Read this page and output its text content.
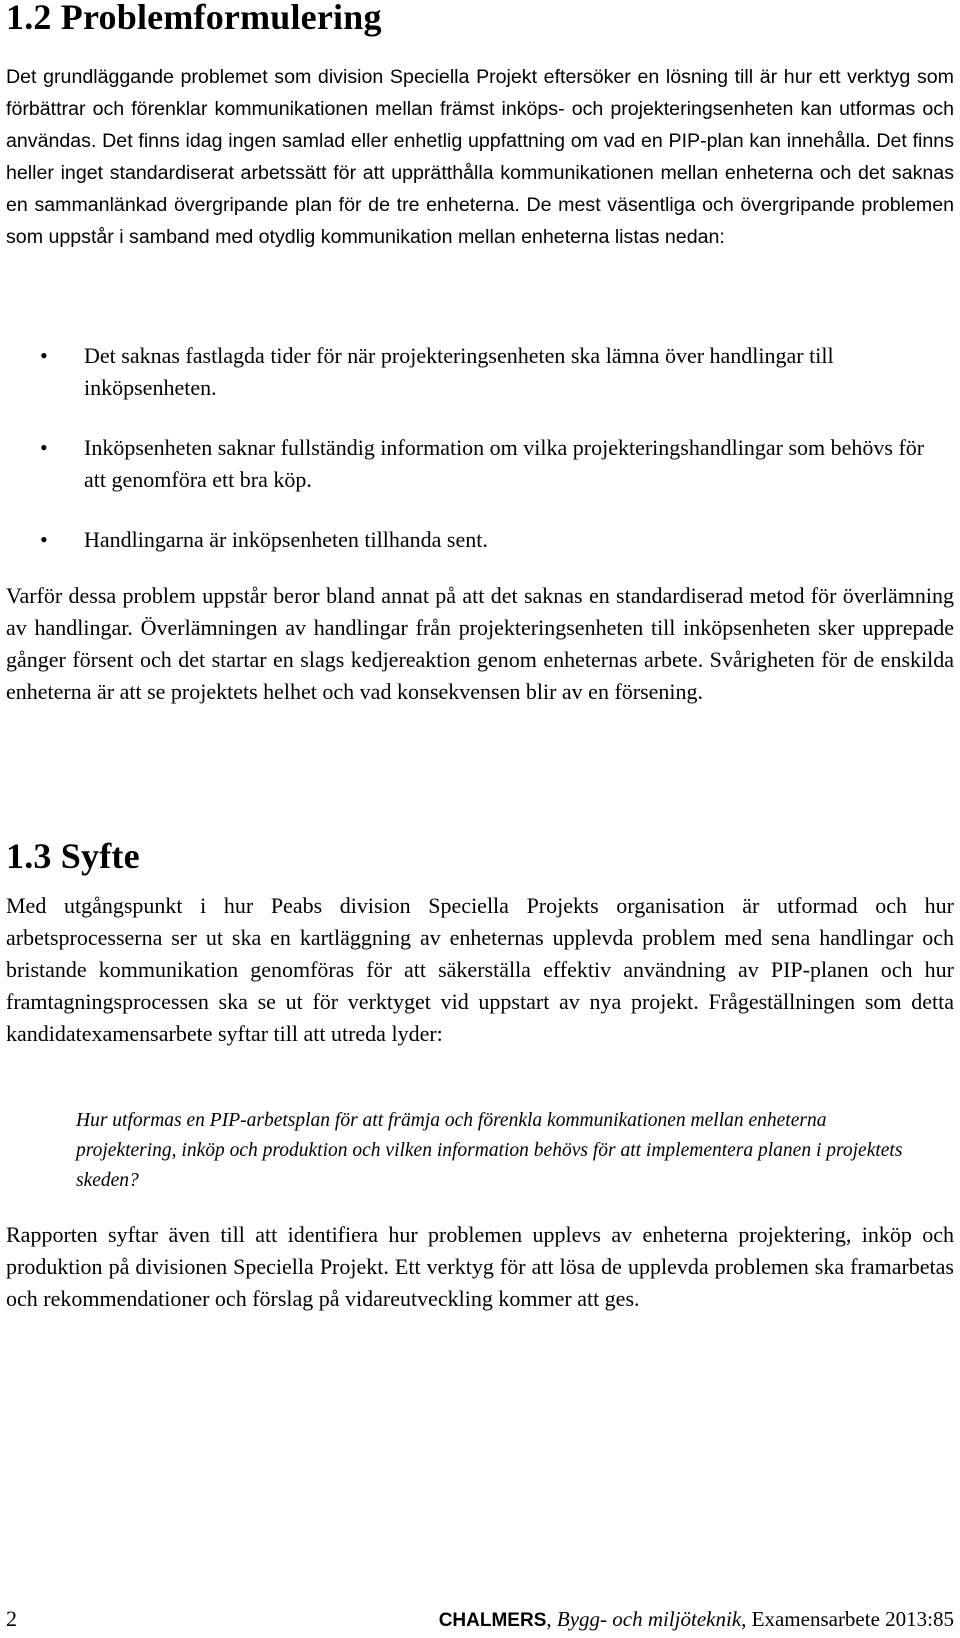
1.2 Problemformulering

Det grundläggande problemet som division Speciella Projekt eftersöker en lösning till är hur ett verktyg som förbättrar och förenklar kommunikationen mellan främst inköps- och projekteringsenheten kan utformas och användas. Det finns idag ingen samlad eller enhetlig uppfattning om vad en PIP-plan kan innehålla. Det finns heller inget standardiserat arbetssätt för att upprätthålla kommunikationen mellan enheterna och det saknas en sammanlänkad övergripande plan för de tre enheterna. De mest väsentliga och övergripande problemen som uppstår i samband med otydlig kommunikation mellan enheterna listas nedan:

• Det saknas fastlagda tider för när projekteringsenheten ska lämna över handlingar till inköpsenheten.

• Inköpsenheten saknar fullständig information om vilka projekteringshandlingar som behövs för att genomföra ett bra köp.

• Handlingarna är inköpsenheten tillhanda sent.

Varför dessa problem uppstår beror bland annat på att det saknas en standardiserad metod för överlämning av handlingar. Överlämningen av handlingar från projekteringsenheten till inköpsenheten sker upprepade gånger försent och det startar en slags kedjereaktion genom enheternas arbete. Svårigheten för de enskilda enheterna är att se projektets helhet och vad konsekvensen blir av en försening.

1.3 Syfte

Med utgångspunkt i hur Peabs division Speciella Projekts organisation är utformad och hur arbetsprocesserna ser ut ska en kartläggning av enheternas upplevda problem med sena handlingar och bristande kommunikation genomföras för att säkerställa effektiv användning av PIP-planen och hur framtagningsprocessen ska se ut för verktyget vid uppstart av nya projekt. Frågeställningen som detta kandidatexamensarbete syftar till att utreda lyder:

Hur utformas en PIP-arbetsplan för att främja och förenkla kommunikationen mellan enheterna projektering, inköp och produktion och vilken information behövs för att implementera planen i projektets skeden?

Rapporten syftar även till att identifiera hur problemen upplevs av enheterna projektering, inköp och produktion på divisionen Speciella Projekt. Ett verktyg för att lösa de upplevda problemen ska framarbetas och rekommendationer och förslag på vidareutveckling kommer att ges.

2	CHALMERS, Bygg- och miljöteknik, Examensarbete 2013:85
